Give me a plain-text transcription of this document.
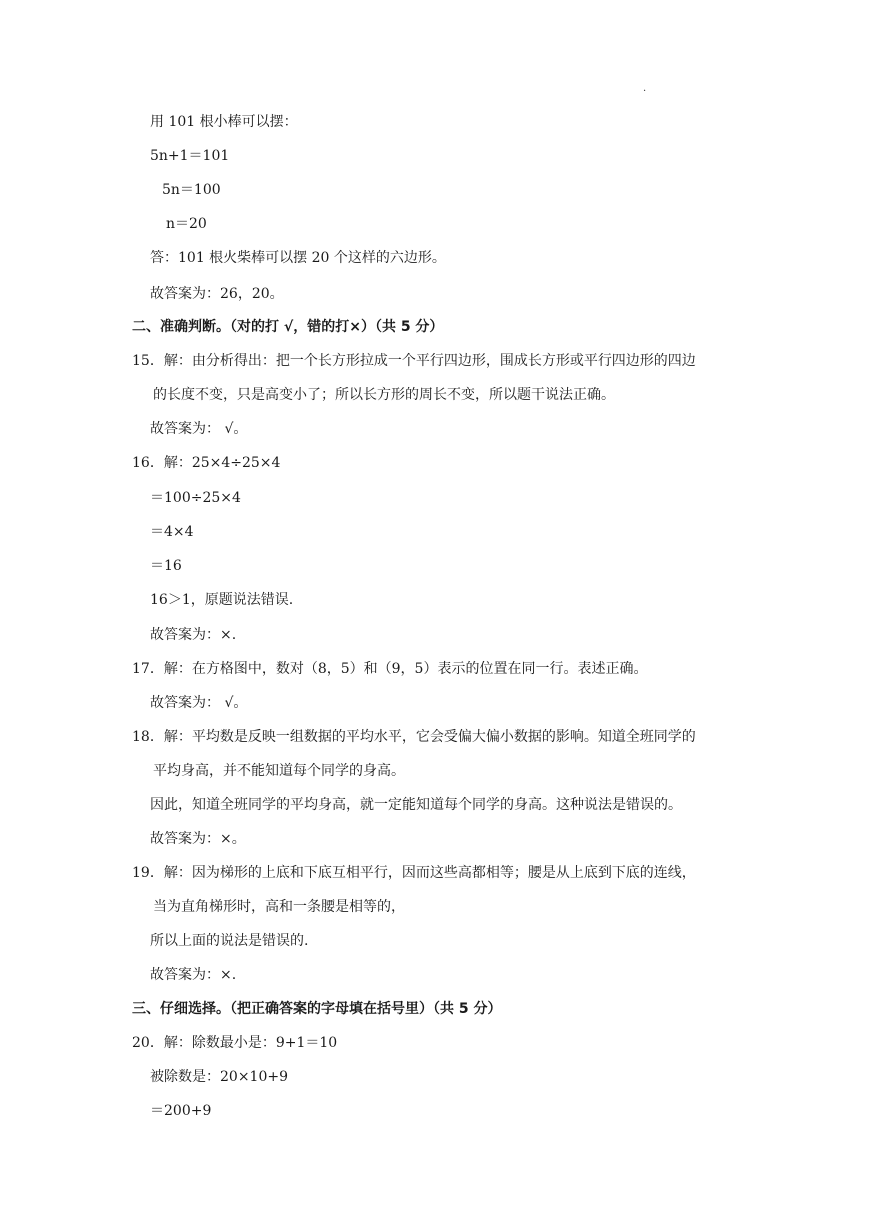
.
用 101 根小棒可以摆：
5n+1＝101
5n＝100
n＝20
答：101 根火柴棒可以摆 20 个这样的六边形。
故答案为：26，20。
二、准确判断。（对的打 √，错的打×）（共 5 分）
15．解：由分析得出：把一个长方形拉成一个平行四边形，围成长方形或平行四边形的四边
的长度不变，只是高变小了；所以长方形的周长不变，所以题干说法正确。
故答案为： √。
16．解：25×4÷25×4
＝100÷25×4
＝4×4
＝16
16＞1，原题说法错误.
故答案为：×.
17．解：在方格图中，数对（8，5）和（9，5）表示的位置在同一行。表述正确。
故答案为： √。
18．解：平均数是反映一组数据的平均水平，它会受偏大偏小数据的影响。知道全班同学的
平均身高，并不能知道每个同学的身高。
因此，知道全班同学的平均身高，就一定能知道每个同学的身高。这种说法是错误的。
故答案为：×。
19．解：因为梯形的上底和下底互相平行，因而这些高都相等；腰是从上底到下底的连线，
当为直角梯形时，高和一条腰是相等的，
所以上面的说法是错误的.
故答案为：×.
三、仔细选择。（把正确答案的字母填在括号里）（共 5 分）
20．解：除数最小是：9+1＝10
被除数是：20×10+9
＝200+9
